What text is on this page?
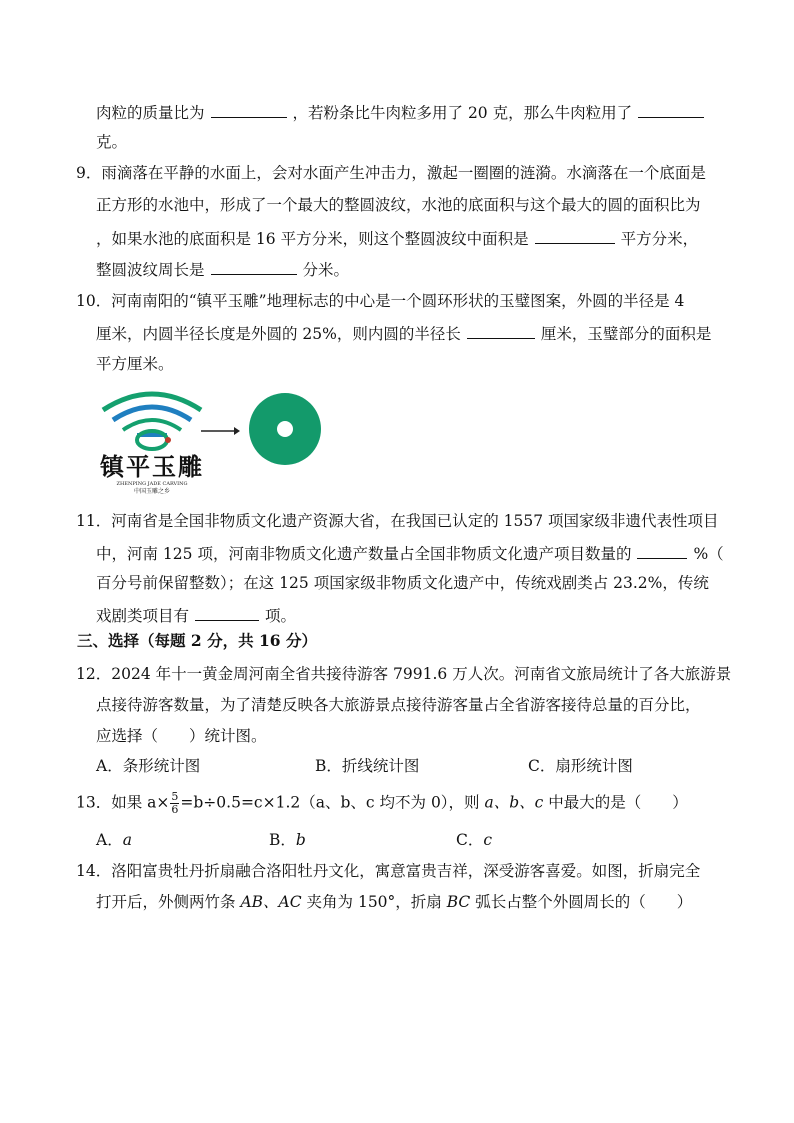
肉粒的质量比为	，若粉条比牛肉粒多用了 20 克，那么牛肉粒用了
克。
9．雨滴落在平静的水面上，会对水面产生冲击力，激起一圈圈的涟漪。水滴落在一个底面是
正方形的水池中，形成了一个最大的整圆波纹，水池的底面积与这个最大的圆的面积比为
，如果水池的底面积是 16 平方分米，则这个整圆波纹中面积是	平方分米，
整圆波纹周长是	分米。
10．河南南阳的“镇平玉雕”地理标志的中心是一个圆环形状的玉璧图案，外圆的半径是 4
厘米，内圆半径长度是外圆的 25%，则内圆的半径长	厘米，玉璧部分的面积是
平方厘米。
镇平玉雕
ZHENPING JADE CARVING
中国玉雕之乡
11．河南省是全国非物质文化遗产资源大省，在我国已认定的 1557 项国家级非遗代表性项目
中，河南 125 项，河南非物质文化遗产数量占全国非物质文化遗产项目数量的	%（
百分号前保留整数）；在这 125 项国家级非物质文化遗产中，传统戏剧类占 23.2%，传统
戏剧类项目有	项。
三、选择（每题 2 分，共 16 分）
12．2024 年十一黄金周河南全省共接待游客 7991.6 万人次。河南省文旅局统计了各大旅游景
点接待游客数量，为了清楚反映各大旅游景点接待游客量占全省游客接待总量的百分比，
应选择（　　）统计图。
A．条形统计图	B．折线统计图	C．扇形统计图
13．如果 $a\times \frac{5}{6} =b\div 0.5=c\times 1.2(a$、b、c 均不为 0），则 a、b、c 中最大的是（　　）
A．a	B．b	C．c
14．洛阳富贵牡丹折扇融合洛阳牡丹文化，寓意富贵吉祥，深受游客喜爱。如图，折扇完全
打开后，外侧两竹条 AB、AC 夹角为 150°，折扇 BC 弧长占整个外圆周长的（　　）
